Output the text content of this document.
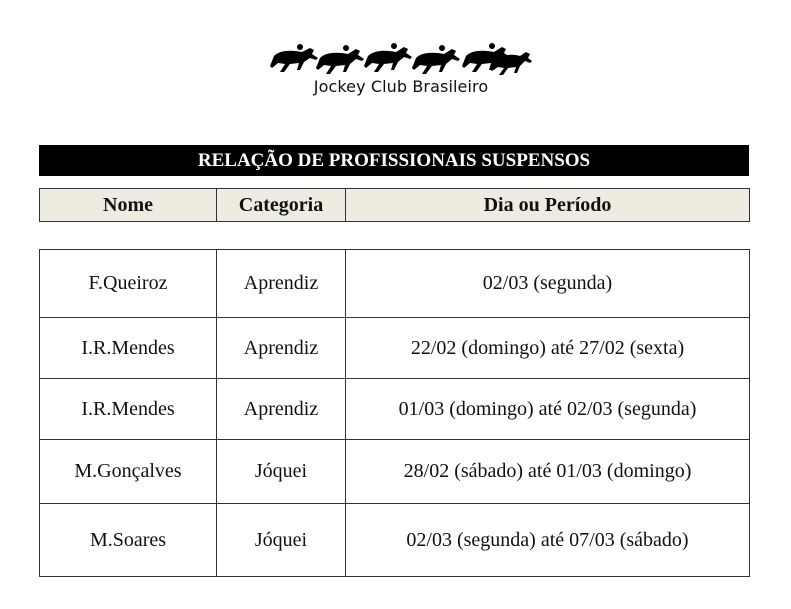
Jockey Club Brasileiro
RELAÇÃO DE PROFISSIONAIS SUSPENSOS
Nome	Categoria	Dia ou Período
F.Queiroz	Aprendiz	02/03 (segunda)
I.R.Mendes	Aprendiz	22/02 (domingo) até 27/02 (sexta)
I.R.Mendes	Aprendiz	01/03 (domingo) até 02/03 (segunda)
M.Gonçalves	Jóquei	28/02 (sábado) até 01/03 (domingo)
M.Soares	Jóquei	02/03 (segunda) até 07/03 (sábado)
